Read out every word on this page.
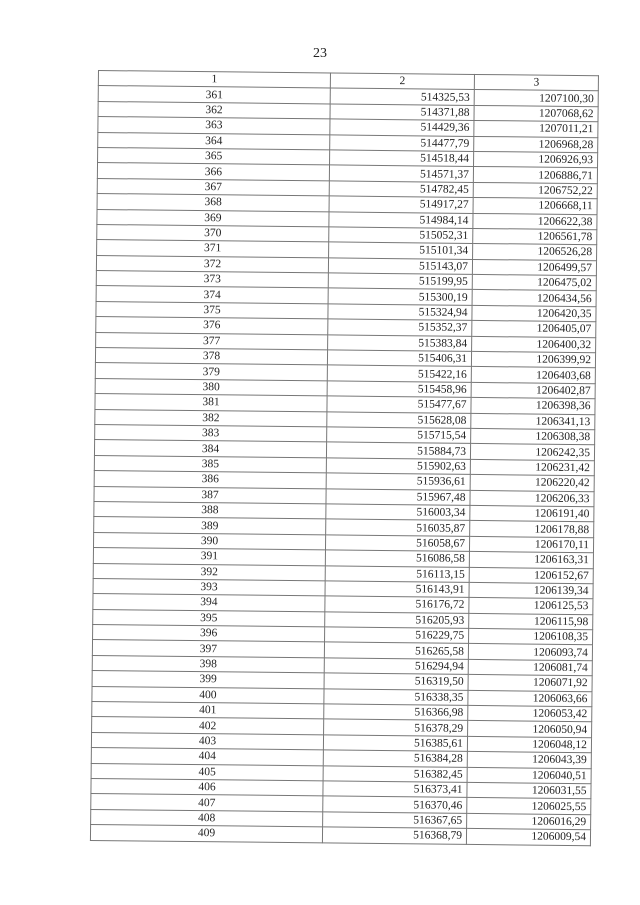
23
1	2	3
361	514325,53	1207100,30
362	514371,88	1207068,62
363	514429,36	1207011,21
364	514477,79	1206968,28
365	514518,44	1206926,93
366	514571,37	1206886,71
367	514782,45	1206752,22
368	514917,27	1206668,11
369	514984,14	1206622,38
370	515052,31	1206561,78
371	515101,34	1206526,28
372	515143,07	1206499,57
373	515199,95	1206475,02
374	515300,19	1206434,56
375	515324,94	1206420,35
376	515352,37	1206405,07
377	515383,84	1206400,32
378	515406,31	1206399,92
379	515422,16	1206403,68
380	515458,96	1206402,87
381	515477,67	1206398,36
382	515628,08	1206341,13
383	515715,54	1206308,38
384	515884,73	1206242,35
385	515902,63	1206231,42
386	515936,61	1206220,42
387	515967,48	1206206,33
388	516003,34	1206191,40
389	516035,87	1206178,88
390	516058,67	1206170,11
391	516086,58	1206163,31
392	516113,15	1206152,67
393	516143,91	1206139,34
394	516176,72	1206125,53
395	516205,93	1206115,98
396	516229,75	1206108,35
397	516265,58	1206093,74
398	516294,94	1206081,74
399	516319,50	1206071,92
400	516338,35	1206063,66
401	516366,98	1206053,42
402	516378,29	1206050,94
403	516385,61	1206048,12
404	516384,28	1206043,39
405	516382,45	1206040,51
406	516373,41	1206031,55
407	516370,46	1206025,55
408	516367,65	1206016,29
409	516368,79	1206009,54
